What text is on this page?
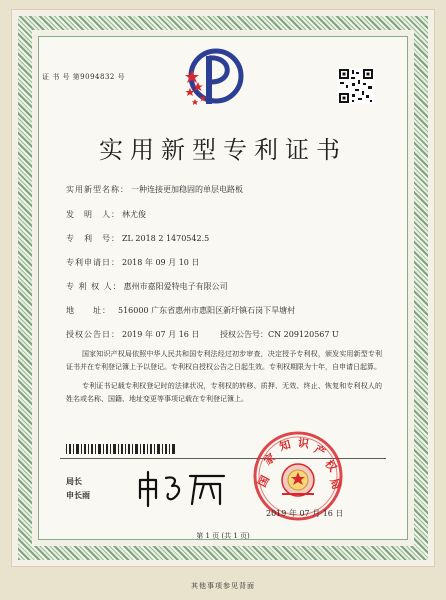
证 书 号 第9094832 号
实用新型专利证书
实用新型名称： 一种连接更加稳固的单层电路板
发　明　人： 林尤俊
专　利　号： ZL 2018 2 1470542.5
专利申请日： 2018 年 09 月 10 日
专 利 权 人： 惠州市嘉阳爱特电子有限公司
地　　址： 516000 广东省惠州市惠阳区新圩镇石岗下旱塘村
授权公告日： 2019 年 07 月 16 日	授权公告号：CN 209120567 U

国家知识产权局依照中华人民共和国专利法经过初步审查，决定授予专利权，颁发实用新型专利证书并在专利登记簿上予以登记。专利权自授权公告之日起生效。专利权期限为十年，自申请日起算。

专利证书记载专利权登记时的法律状况，专利权的转移、质押、无效、终止、恢复和专利权人的姓名或名称、国籍、地址变更等事项记载在专利登记簿上。

局长
申长雨
国
家
知 识 产
权
局
2019 年 07 月 16 日
第 1 页 (共 1 页)
其他事项参见背面
